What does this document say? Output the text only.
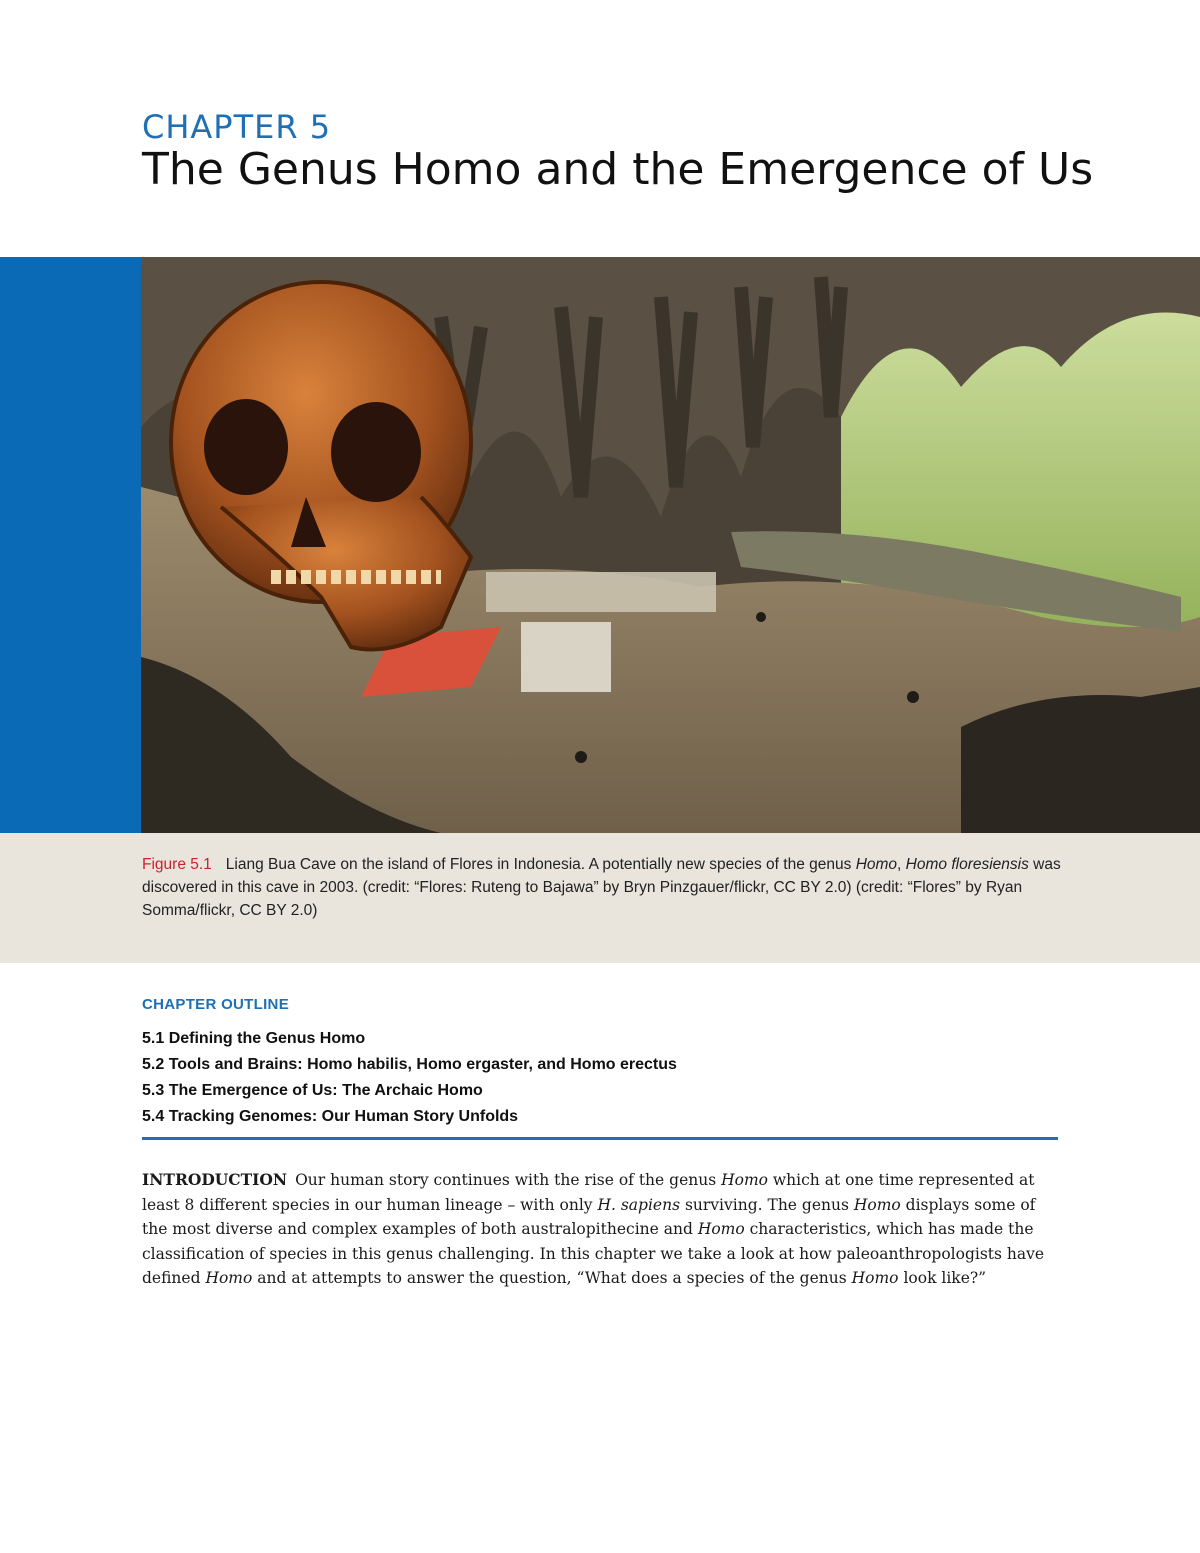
CHAPTER 5
The Genus Homo and the Emergence of Us
Figure 5.1 Liang Bua Cave on the island of Flores in Indonesia. A potentially new species of the genus Homo, Homo floresiensis was discovered in this cave in 2003. (credit: “Flores: Ruteng to Bajawa” by Bryn Pinzgauer/flickr, CC BY 2.0) (credit: “Flores” by Ryan Somma/flickr, CC BY 2.0)
CHAPTER OUTLINE
5.1 Defining the Genus Homo
5.2 Tools and Brains: Homo habilis, Homo ergaster, and Homo erectus
5.3 The Emergence of Us: The Archaic Homo
5.4 Tracking Genomes: Our Human Story Unfolds

INTRODUCTION Our human story continues with the rise of the genus Homo which at one time represented at least 8 different species in our human lineage – with only H. sapiens surviving. The genus Homo displays some of the most diverse and complex examples of both australopithecine and Homo characteristics, which has made the classification of species in this genus challenging. In this chapter we take a look at how paleoanthropologists have defined Homo and at attempts to answer the question, “What does a species of the genus Homo look like?”
